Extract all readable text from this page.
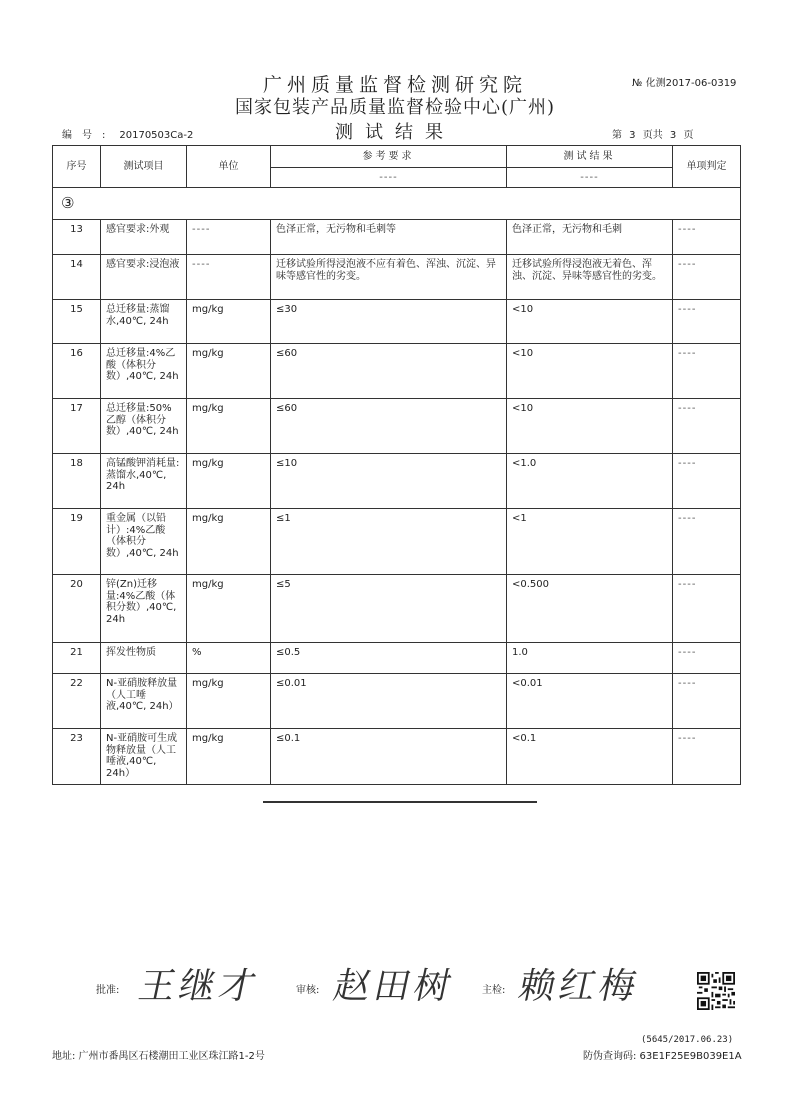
广州质量监督检测研究院
国家包装产品质量监督检验中心(广州)
测试结果
№ 化测2017-06-0319
编号: 20170503Ca-2	第 3 页共 3 页
序号	测试项目	单位	参考要求	测试结果	单项判定
			----	----	
③					
13	感官要求:外观	----	色泽正常，无污物和毛刺等	色泽正常，无污物和毛刺	----
14	感官要求:浸泡液	----	迁移试验所得浸泡液不应有着色、浑浊、沉淀、异味等感官性的劣变。	迁移试验所得浸泡液无着色、浑浊、沉淀、异味等感官性的劣变。	----
15	总迁移量:蒸馏水,40℃, 24h	mg/kg	≤30	<10	----
16	总迁移量:4%乙酸（体积分数）,40℃, 24h	mg/kg	≤60	<10	----
17	总迁移量:50%乙醇（体积分数）,40℃, 24h	mg/kg	≤60	<10	----
18	高锰酸钾消耗量:蒸馏水,40℃, 24h	mg/kg	≤10	<1.0	----
19	重金属（以铅计）:4%乙酸（体积分数）,40℃, 24h	mg/kg	≤1	<1	----
20	锌(Zn)迁移量:4%乙酸（体积分数）,40℃, 24h	mg/kg	≤5	<0.500	----
21	挥发性物质	%	≤0.5	1.0	----
22	N-亚硝胺释放量（人工唾液,40℃, 24h）	mg/kg	≤0.01	<0.01	----
23	N-亚硝胺可生成物释放量（人工唾液,40℃, 24h）	mg/kg	≤0.1	<0.1	----
批准: 王继才	审核: 赵田树 主检: 赖红梅
(5645/2017.06.23)
地址: 广州市番禺区石楼潮田工业区珠江路1-2号	防伪查询码: 63E1F25E9B039E1A
